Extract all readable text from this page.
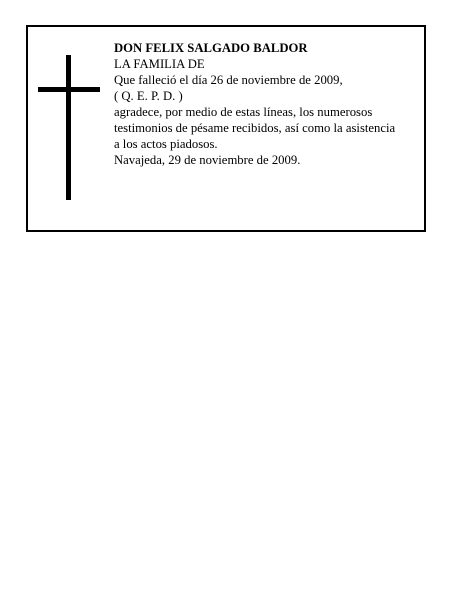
DON FELIX SALGADO BALDOR
LA FAMILIA DE
Que falleció el día 26 de noviembre de 2009,
( Q. E. P. D. )
agradece, por medio de estas líneas, los numerosos
testimonios de pésame recibidos, así como la asistencia
a los actos piadosos.
Navajeda, 29 de noviembre de 2009.
